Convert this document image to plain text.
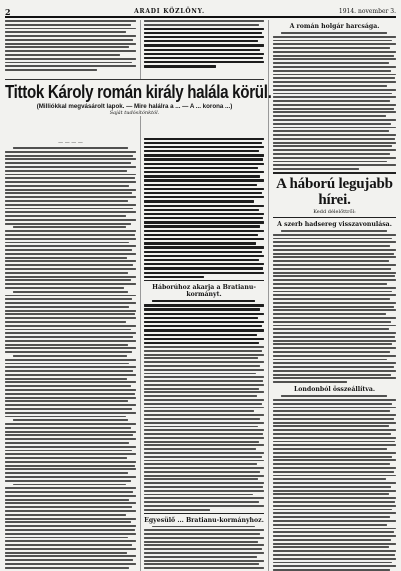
2	ARADI KÖZLÖNY.	1914. november 3.
— — — —
Háborúhoz akarja a Bratianu-kormányt.
Egyesülő ... Bratianu-kormányhoz.
A román holgár harcsága.
A háború legujabb hírei.
Kedd délelőttről:
A szerb hadsereg visszavonulása.
Londonból összeállítva.
Tittok Károly román király halála körül.
(Milliókkal megvásárolt lapok. — Mire halálra a ... — A ... korona ...)
Saját tudósítónktól.
